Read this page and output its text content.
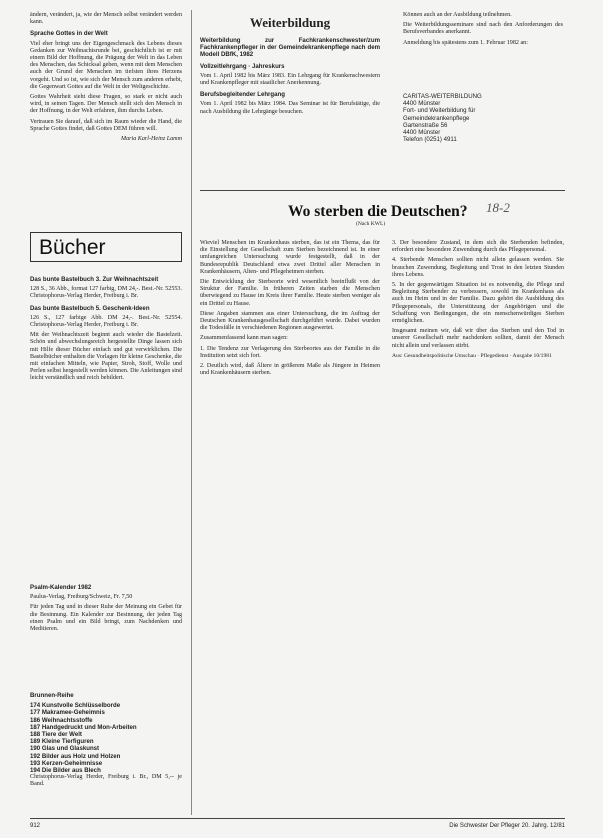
ändern, verändert, ja, wie der Mensch selbst verändert werden kann.

Sprache Gottes in der Welt

Viel eher bringt uns der Eigengeschmack des Lebens dieses Gedanken zur Weihnachtsrunde bei, geschichtlich ist er mit einem Bild der Hoffnung, die Prägung der Welt in das Leben des Menschen, das Schicksal geben, wenn mit dem Menschen auch der Grund der Menschen im tiefsten ihres Herzens vorgeht. Und so ist, wie sich der Mensch zum anderen erhebt, die Gegenwart Gottes auf die Welt in der Weltgeschichte.

Gottes Wahrheit sieht diese Fragen, so stark er nicht auch wird, in seinen Tagen. Der Mensch stellt sich den Mensch in der Hoffnung, in der Welt erfahren, ihm durchs Leben.

Vertrauen Sie darauf, daß sich im Raum wieder die Hand, die Sprache Gottes findet, daß Gottes DEM führen will.

Maria Karl-Heinz Lamm

Bücher

Das bunte Bastelbuch 3. Zur Weihnachtszeit

128 S., 36 Abb., format 127 farbig, DM 24,-. Best.-Nr. 52553. Christophorus-Verlag Herder, Freiburg i. Br.

Das bunte Bastelbuch 5. Geschenk-Ideen

126 S., 127 farbige Abb. DM 24,-. Best.-Nr. 52554. Christophorus-Verlag Herder, Freiburg i. Br.

Mit der Weihnachtszeit beginnt auch wieder die Bastelzeit. Schön und abwechslungsreich hergestellte Dinge lassen sich mit Hilfe dieser Bücher einfach und gut verwirklichen. Die Bastelbücher enthalten die Vorlagen für kleine Geschenke, die mit einfachen Mitteln, wie Papier, Stroh, Stoff, Wolle und Perlen selbst hergestellt werden können. Die Anleitungen sind leicht verständlich und reich bebildert.

Psalm-Kalender 1982

Paulus-Verlag, Freiburg/Schweiz, Fr. 7,50

Für jeden Tag und in dieser Ruhe der Meinung ein Gebet für die Besinnung. Ein Kalender zur Besinnung, der jeden Tag einen Psalm und ein Bild bringt, zum Nachdenken und Meditieren.

Brunnen-Reihe

174 Kunstvolle Schlüsselborde
177 Makramee-Geheimnis
186 Weihnachtsstoffe
187 Handgedruckt und Mon-Arbeiten
188 Tiere der Welt
189 Kleine Tierfiguren
190 Glas und Glaskunst
192 Bilder aus Holz und Holzen
193 Kerzen-Geheimnisse
194 Die Bilder aus Blech

Christophorus-Verlag Herder, Freiburg i. Br., DM 5,-- je Band.

Weiterbildung

Weiterbildung zur Fachkrankenschwester/zum Fachkrankenpfleger in der Gemeindekrankenpflege nach dem Modell DBfK, 1982

Vollzeitlehrgang · Jahreskurs

Vom 1. April 1982 bis März 1983. Ein Lehrgang für Krankenschwestern und Krankenpfleger mit staatlicher Anerkennung.

Berufsbegleitender Lehrgang

Vom 1. April 1982 bis März 1984. Das Seminar ist für Berufstätige, die nach Ausbildung die Lehrgänge besuchen.

Können auch an der Ausbildung teilnehmen.

Die Weiterbildungsseminare sind nach den Anforderungen des Berufsverbandes anerkannt.

Anmeldung bis spätestens zum 1. Februar 1982 an:

CARITAS-WEITERBILDUNG

4400 Münster

Fort- und Weiterbildung für

Gemeindekrankenpflege

Gartenstraße 56

4400 Münster

Telefon (0251) 4911

Wo sterben die Deutschen?	18-2
(Nach KWL)

Wieviel Menschen im Krankenhaus sterben, das ist ein Thema, das für die Einstellung der Gesellschaft zum Sterben bezeichnend ist. In einer umfangreichen Untersuchung wurde festgestellt, daß in der Bundesrepublik Deutschland etwa zwei Drittel aller Menschen in Krankenhäusern, Alten- und Pflegeheimen sterben.

Die Entwicklung der Sterbeorte wird wesentlich beeinflußt von der Struktur der Familie. In früheren Zeiten starben die Menschen überwiegend zu Hause im Kreis ihrer Familie. Heute sterben weniger als ein Drittel zu Hause.

Diese Angaben stammen aus einer Untersuchung, die im Auftrag der Deutschen Krankenhausgesellschaft durchgeführt wurde. Dabei wurden die Todesfälle in verschiedenen Regionen ausgewertet.

Zusammenfassend kann man sagen:

1. Die Tendenz zur Verlagerung des Sterbeortes aus der Familie in die Institution setzt sich fort.

2. Deutlich wird, daß Ältere in größerem Maße als Jüngere in Heimen und Krankenhäusern sterben.

3. Der besondere Zustand, in dem sich die Sterbenden befinden, erfordert eine besondere Zuwendung durch das Pflegepersonal.

4. Sterbende Menschen sollten nicht allein gelassen werden. Sie brauchen Zuwendung, Begleitung und Trost in den letzten Stunden ihres Lebens.

5. In der gegenwärtigen Situation ist es notwendig, die Pflege und Begleitung Sterbender zu verbessern, sowohl im Krankenhaus als auch im Heim und in der Familie. Dazu gehört die Ausbildung des Pflegepersonals, die Unterstützung der Angehörigen und die Schaffung von Bedingungen, die ein menschenwürdiges Sterben ermöglichen.

Insgesamt meinen wir, daß wir über das Sterben und den Tod in unserer Gesellschaft mehr nachdenken sollten, damit der Mensch nicht allein und verlassen stirbt.

Aus: Gesundheitspolitische Umschau · Pflegedienst · Ausgabe 10/1981

912	Die Schwester Der Pfleger 20. Jahrg. 12/81
